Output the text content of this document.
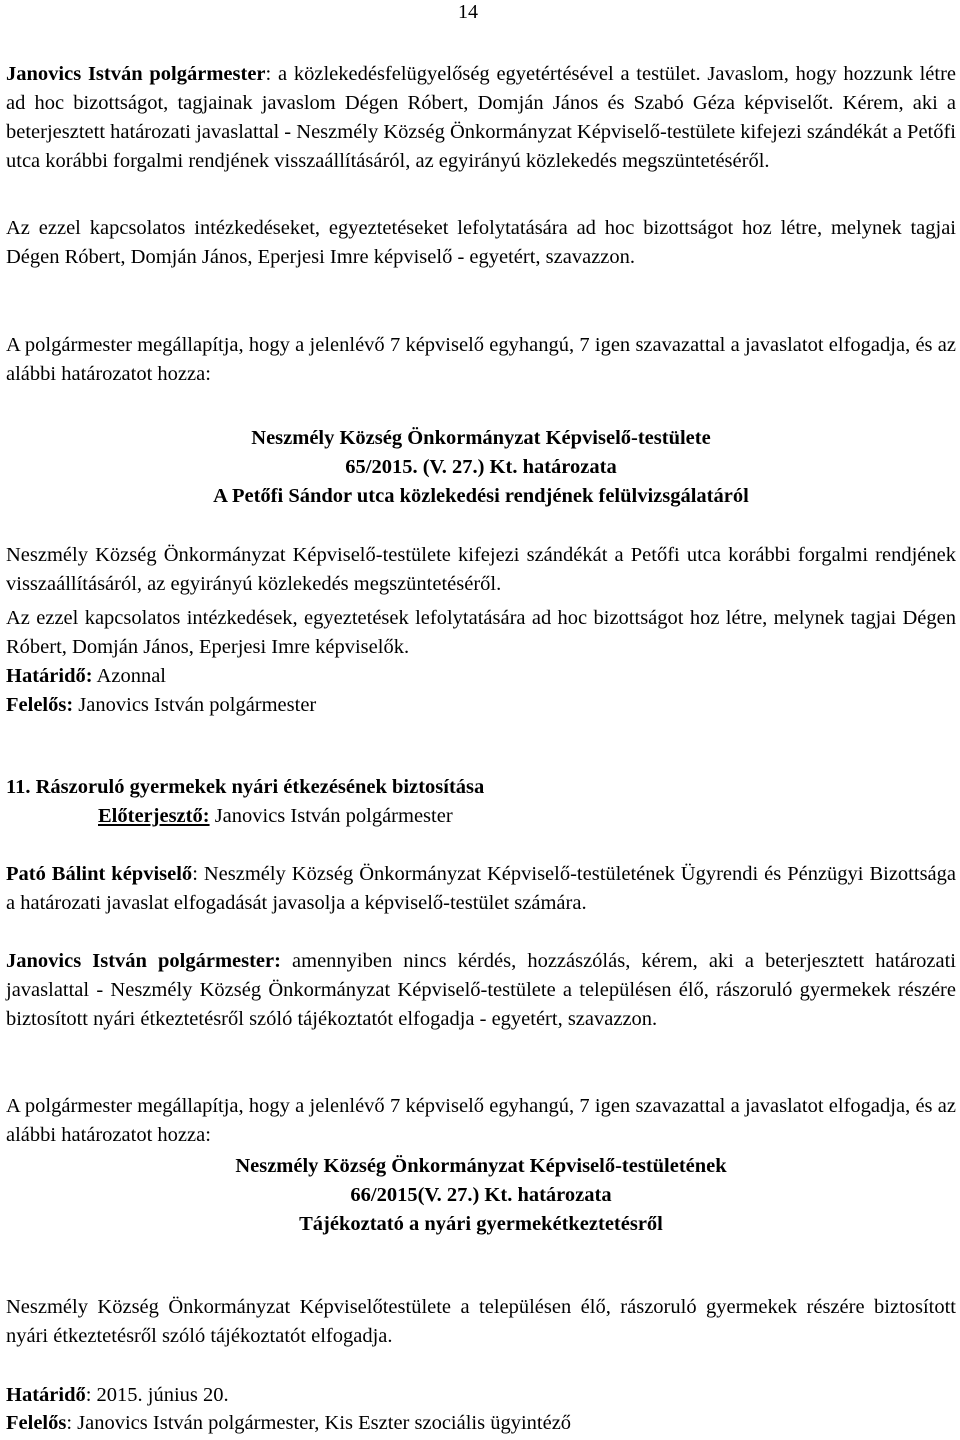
14

Janovics István polgármester: a közlekedésfelügyelőség egyetértésével a testület. Javaslom, hogy hozzunk létre ad hoc bizottságot, tagjainak javaslom Dégen Róbert, Domján János és Szabó Géza képviselőt. Kérem, aki a beterjesztett határozati javaslattal - Neszmély Község Önkormányzat Képviselő-testülete kifejezi szándékát a Petőfi utca korábbi forgalmi rendjének visszaállításáról, az egyirányú közlekedés megszüntetéséről.

Az ezzel kapcsolatos intézkedéseket, egyeztetéseket lefolytatására ad hoc bizottságot hoz létre, melynek tagjai Dégen Róbert, Domján János, Eperjesi Imre képviselő - egyetért, szavazzon.

A polgármester megállapítja, hogy a jelenlévő 7 képviselő egyhangú, 7 igen szavazattal a javaslatot elfogadja, és az alábbi határozatot hozza:

Neszmély Község Önkormányzat Képviselő-testülete

65/2015. (V. 27.) Kt. határozata

A Petőfi Sándor utca közlekedési rendjének felülvizsgálatáról

Neszmély Község Önkormányzat Képviselő-testülete kifejezi szándékát a Petőfi utca korábbi forgalmi rendjének visszaállításáról, az egyirányú közlekedés megszüntetéséről.

Az ezzel kapcsolatos intézkedések, egyeztetések lefolytatására ad hoc bizottságot hoz létre, melynek tagjai Dégen Róbert, Domján János, Eperjesi Imre képviselők.

Határidő: Azonnal

Felelős: Janovics István polgármester

11. Rászoruló gyermekek nyári étkezésének biztosítása

Előterjesztő: Janovics István polgármester

Pató Bálint képviselő: Neszmély Község Önkormányzat Képviselő-testületének Ügyrendi és Pénzügyi Bizottsága a határozati javaslat elfogadását javasolja a képviselő-testület számára.

Janovics István polgármester: amennyiben nincs kérdés, hozzászólás, kérem, aki a beterjesztett határozati javaslattal - Neszmély Község Önkormányzat Képviselő-testülete a településen élő, rászoruló gyermekek részére biztosított nyári étkeztetésről szóló tájékoztatót elfogadja - egyetért, szavazzon.

A polgármester megállapítja, hogy a jelenlévő 7 képviselő egyhangú, 7 igen szavazattal a javaslatot elfogadja, és az alábbi határozatot hozza:

Neszmély Község Önkormányzat Képviselő-testületének

66/2015(V. 27.) Kt. határozata

Tájékoztató a nyári gyermekétkeztetésről

Neszmély Község Önkormányzat Képviselőtestülete a településen élő, rászoruló gyermekek részére biztosított nyári étkeztetésről szóló tájékoztatót elfogadja.

Határidő: 2015. június 20.

Felelős: Janovics István polgármester, Kis Eszter szociális ügyintéző
